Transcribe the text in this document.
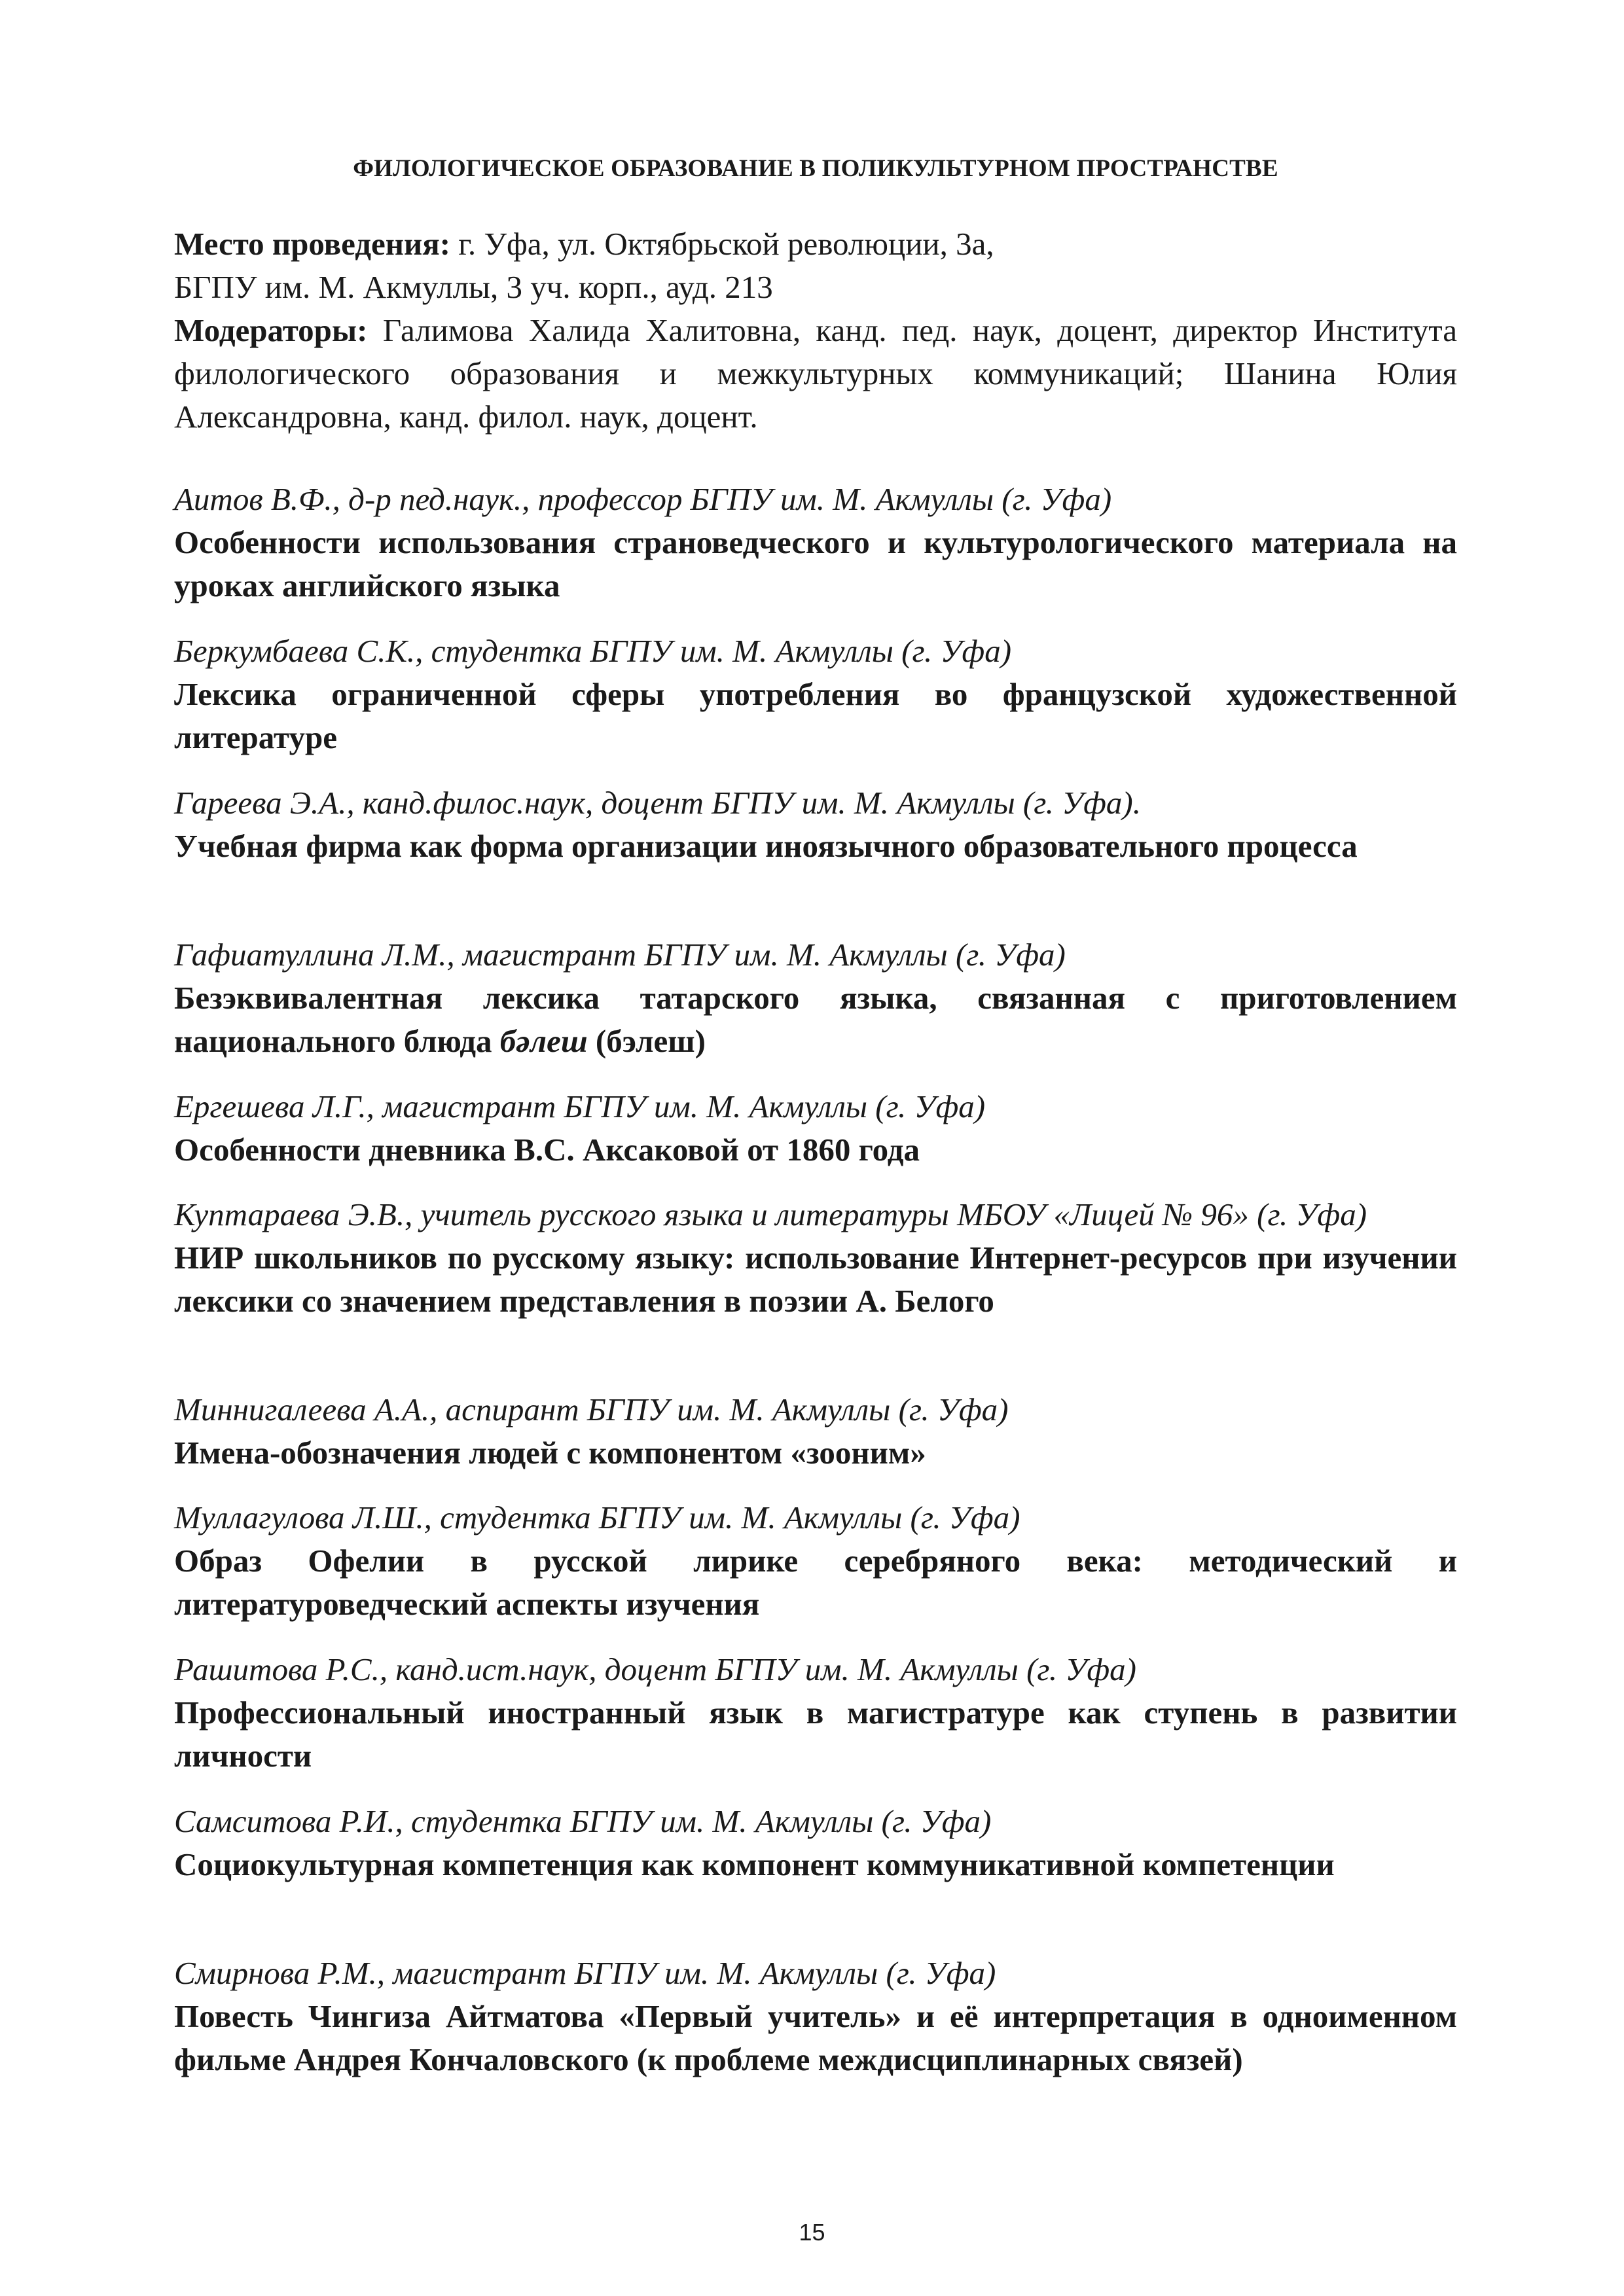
ФИЛОЛОГИЧЕСКОЕ ОБРАЗОВАНИЕ В ПОЛИКУЛЬТУРНОМ ПРОСТРАНСТВЕ
Место проведения: г. Уфа, ул. Октябрьской революции, 3а,
БГПУ им. М. Акмуллы, 3 уч. корп., ауд. 213
Модераторы: Галимова Халида Халитовна, канд. пед. наук, доцент, директор Института филологического образования и межкультурных коммуникаций; Шанина Юлия Александровна, канд. филол. наук, доцент.
Аитов В.Ф., д-р пед.наук., профессор БГПУ им. М. Акмуллы (г. Уфа)
Особенности использования страноведческого и культурологического материала на уроках английского языка
Беркумбаева С.К., студентка БГПУ им. М. Акмуллы (г. Уфа)
Лексика ограниченной сферы употребления во французской художественной литературе
Гареева Э.А., канд.филос.наук, доцент БГПУ им. М. Акмуллы (г. Уфа).
Учебная фирма как форма организации иноязычного образовательного процесса
Гафиатуллина Л.М., магистрант БГПУ им. М. Акмуллы (г. Уфа)
Безэквивалентная лексика татарского языка, связанная с приготовлением национального блюда бәлеш (бэлеш)
Ергешева Л.Г., магистрант БГПУ им. М. Акмуллы (г. Уфа)
Особенности дневника В.С. Аксаковой от 1860 года
Куптараева Э.В., учитель русского языка и литературы МБОУ «Лицей № 96» (г. Уфа)
НИР школьников по русскому языку: использование Интернет-ресурсов при изучении лексики со значением представления в поэзии А. Белого
Миннигалеева А.А., аспирант БГПУ им. М. Акмуллы (г. Уфа)
Имена-обозначения людей с компонентом «зооним»
Муллагулова Л.Ш., студентка БГПУ им. М. Акмуллы (г. Уфа)
Образ Офелии в русской лирике серебряного века: методический и литературоведческий аспекты изучения
Рашитова Р.С., канд.ист.наук, доцент БГПУ им. М. Акмуллы (г. Уфа)
Профессиональный иностранный язык в магистратуре как ступень в развитии личности
Самситова Р.И., студентка БГПУ им. М. Акмуллы (г. Уфа)
Социокультурная компетенция как компонент коммуникативной компетенции
Смирнова Р.М., магистрант БГПУ им. М. Акмуллы (г. Уфа)
Повесть Чингиза Айтматова «Первый учитель» и её интерпретация в одноименном фильме Андрея Кончаловского (к проблеме междисциплинарных связей)
15
